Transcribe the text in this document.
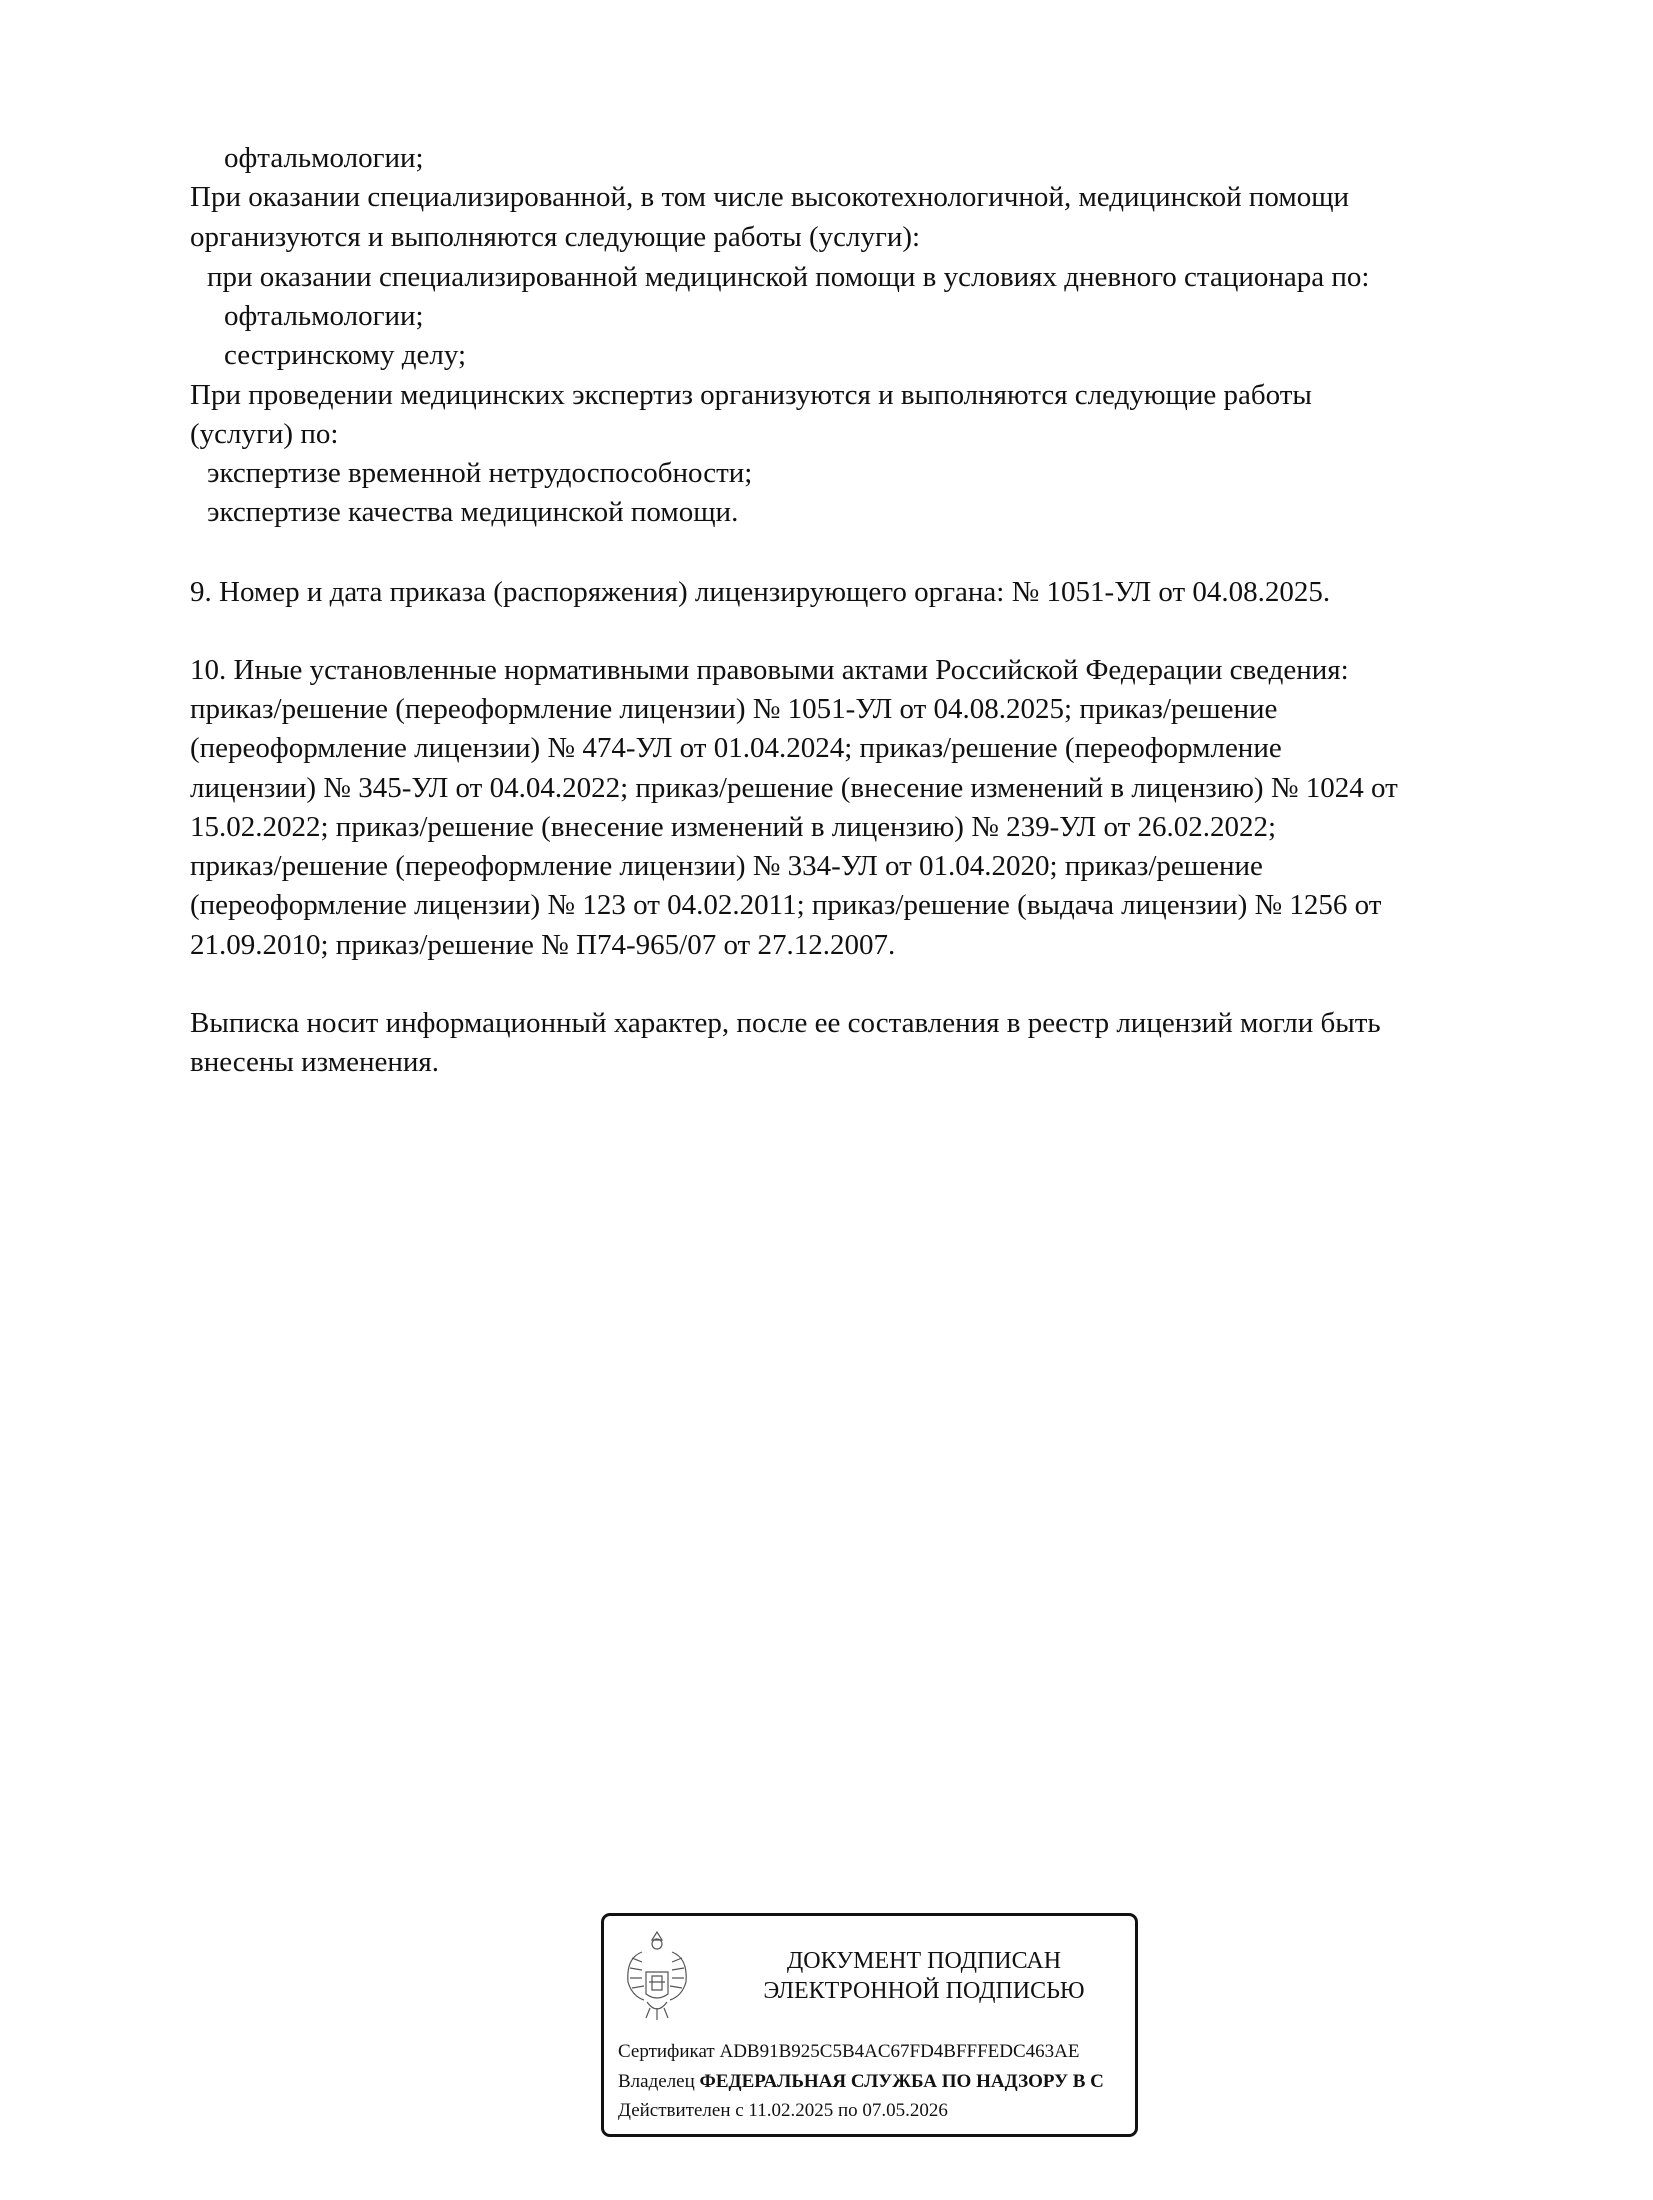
офтальмологии;
При оказании специализированной, в том числе высокотехнологичной, медицинской помощи
организуются и выполняются следующие работы (услуги):
при оказании специализированной медицинской помощи в условиях дневного стационара по:
офтальмологии;
сестринскому делу;
При проведении медицинских экспертиз организуются и выполняются следующие работы
(услуги) по:
экспертизе временной нетрудоспособности;
экспертизе качества медицинской помощи.
9. Номер и дата приказа (распоряжения) лицензирующего органа: № 1051-УЛ от 04.08.2025.
10. Иные установленные нормативными правовыми актами Российской Федерации сведения:
приказ/решение (переоформление лицензии) № 1051-УЛ от 04.08.2025; приказ/решение
(переоформление лицензии) № 474-УЛ от 01.04.2024; приказ/решение (переоформление
лицензии) № 345-УЛ от 04.04.2022; приказ/решение (внесение изменений в лицензию) № 1024 от
15.02.2022; приказ/решение (внесение изменений в лицензию) № 239-УЛ от 26.02.2022;
приказ/решение (переоформление лицензии) № 334-УЛ от 01.04.2020; приказ/решение
(переоформление лицензии) № 123 от 04.02.2011; приказ/решение (выдача лицензии) № 1256 от
21.09.2010; приказ/решение № П74-965/07 от 27.12.2007.
Выписка носит информационный характер, после ее составления в реестр лицензий могли быть
внесены изменения.
ДОКУМЕНТ ПОДПИСАН
ЭЛЕКТРОННОЙ ПОДПИСЬЮ
Сертификат ADB91B925C5B4AC67FD4BFFFEDC463AE
Владелец ФЕДЕРАЛЬНАЯ СЛУЖБА ПО НАДЗОРУ В С
Действителен с 11.02.2025 по 07.05.2026
